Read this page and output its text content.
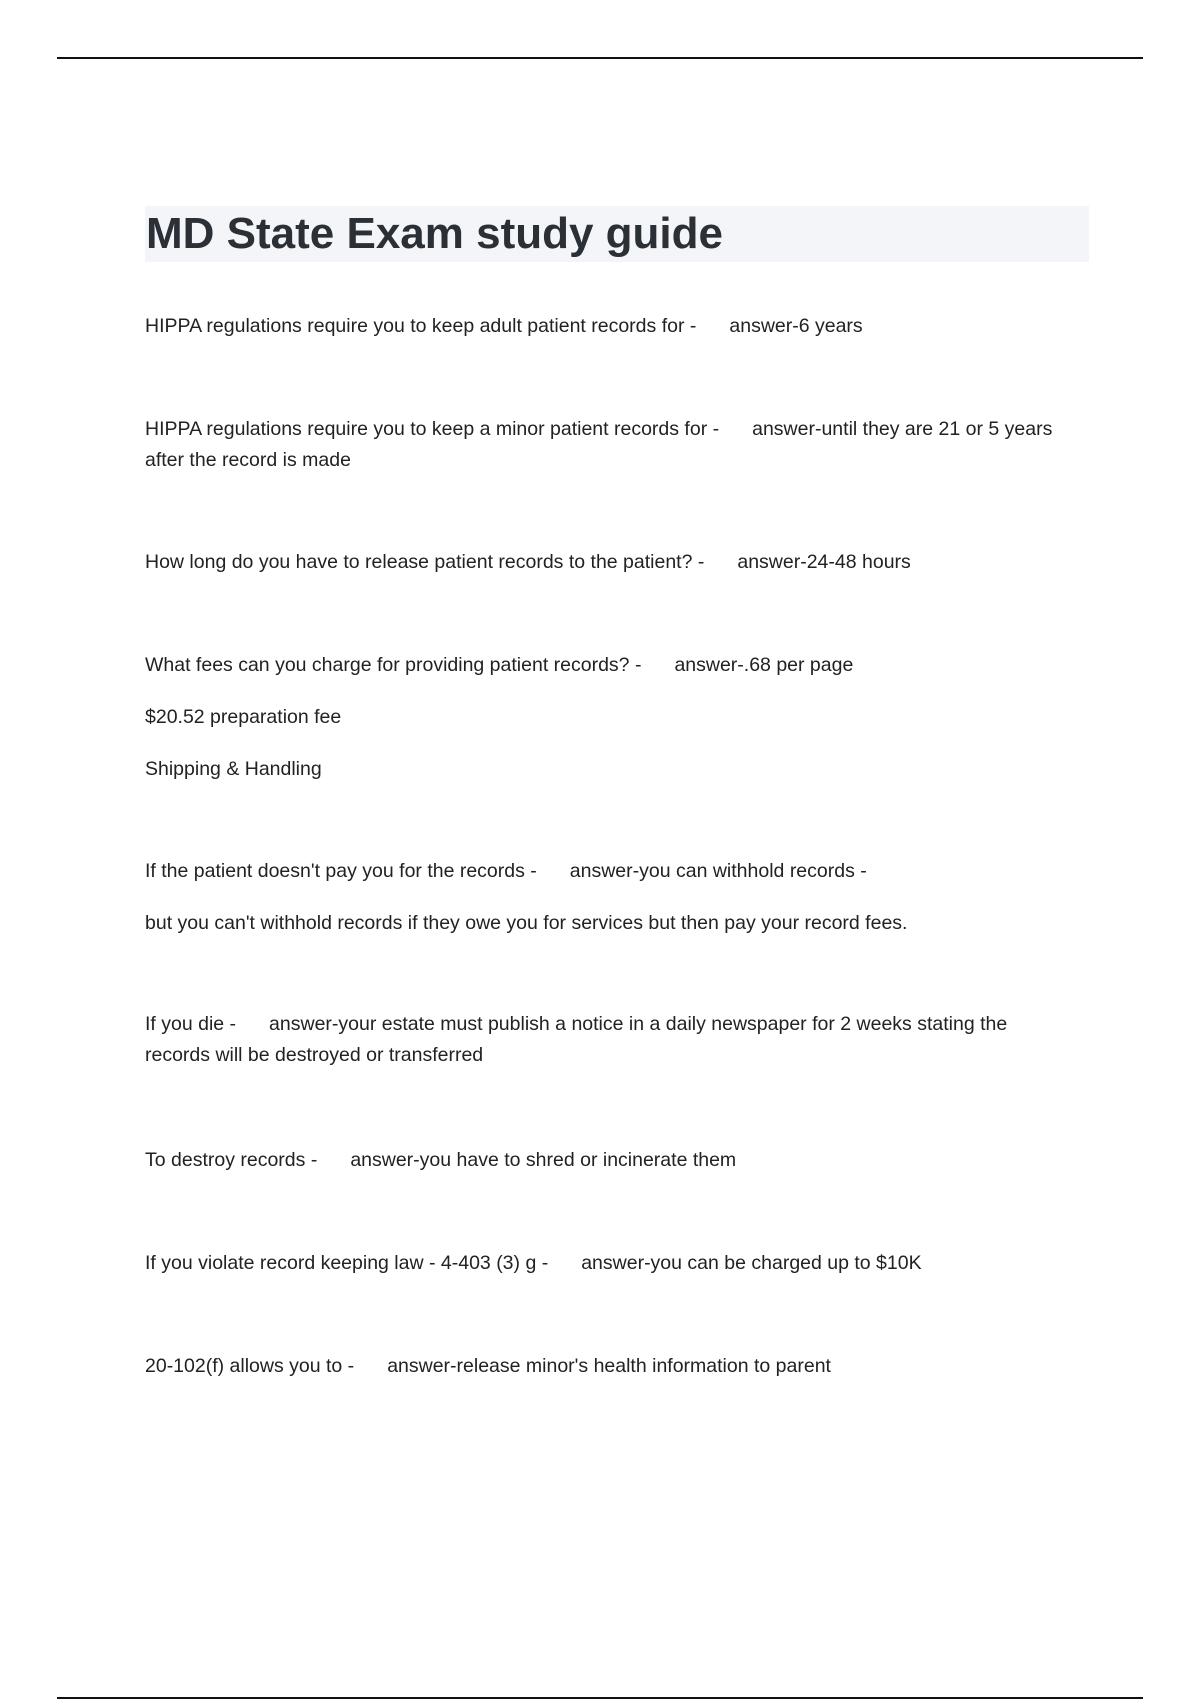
MD State Exam study guide

HIPPA regulations require you to keep adult patient records for - answer-6 years

HIPPA regulations require you to keep a minor patient records for - answer-until they are 21 or 5 years after the record is made

How long do you have to release patient records to the patient? - answer-24-48 hours

What fees can you charge for providing patient records? - answer-.68 per page

$20.52 preparation fee

Shipping & Handling

If the patient doesn't pay you for the records - answer-you can withhold records -

but you can't withhold records if they owe you for services but then pay your record fees.

If you die - answer-your estate must publish a notice in a daily newspaper for 2 weeks stating the records will be destroyed or transferred

To destroy records - answer-you have to shred or incinerate them

If you violate record keeping law - 4-403 (3) g - answer-you can be charged up to $10K

20-102(f) allows you to - answer-release minor's health information to parent
